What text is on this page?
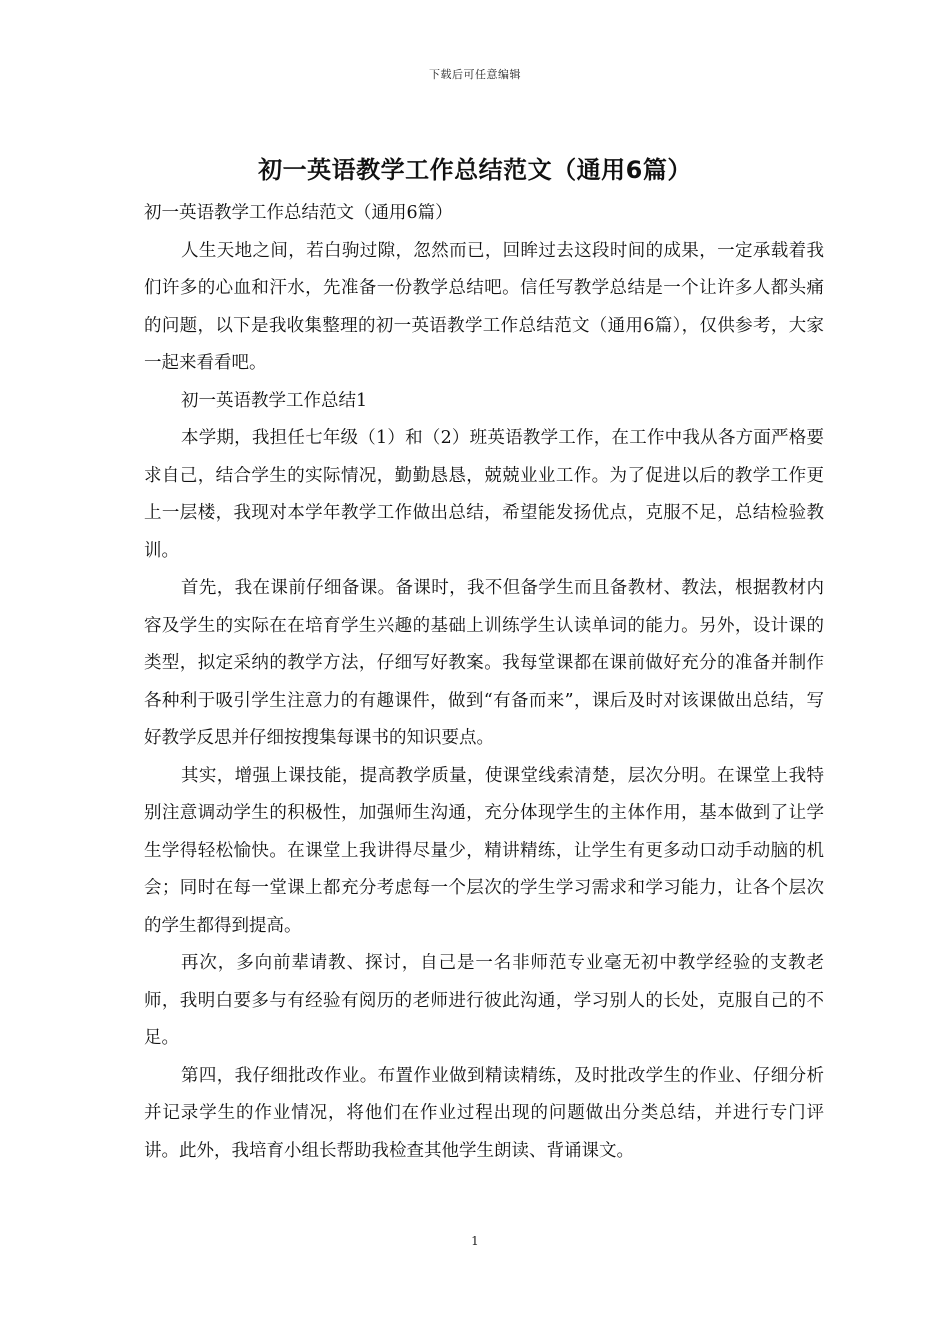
下载后可任意编辑
初一英语教学工作总结范文（通用6篇）

初一英语教学工作总结范文（通用6篇）

人生天地之间，若白驹过隙，忽然而已，回眸过去这段时间的成果，一定承载着我们许多的心血和汗水，先准备一份教学总结吧。信任写教学总结是一个让许多人都头痛的问题，以下是我收集整理的初一英语教学工作总结范文（通用6篇），仅供参考，大家一起来看看吧。

初一英语教学工作总结1

本学期，我担任七年级（1）和（2）班英语教学工作，在工作中我从各方面严格要求自己，结合学生的实际情况，勤勤恳恳，兢兢业业工作。为了促进以后的教学工作更上一层楼，我现对本学年教学工作做出总结，希望能发扬优点，克服不足，总结检验教训。

首先，我在课前仔细备课。备课时，我不但备学生而且备教材、教法，根据教材内容及学生的实际在在培育学生兴趣的基础上训练学生认读单词的能力。另外，设计课的类型，拟定采纳的教学方法，仔细写好教案。我每堂课都在课前做好充分的准备并制作各种利于吸引学生注意力的有趣课件，做到“有备而来”，课后及时对该课做出总结，写好教学反思并仔细按搜集每课书的知识要点。

其实，增强上课技能，提高教学质量，使课堂线索清楚，层次分明。在课堂上我特别注意调动学生的积极性，加强师生沟通，充分体现学生的主体作用，基本做到了让学生学得轻松愉快。在课堂上我讲得尽量少，精讲精练，让学生有更多动口动手动脑的机会；同时在每一堂课上都充分考虑每一个层次的学生学习需求和学习能力，让各个层次的学生都得到提高。

再次，多向前辈请教、探讨，自己是一名非师范专业毫无初中教学经验的支教老师，我明白要多与有经验有阅历的老师进行彼此沟通，学习别人的长处，克服自己的不足。

第四，我仔细批改作业。布置作业做到精读精练，及时批改学生的作业、仔细分析并记录学生的作业情况，将他们在作业过程出现的问题做出分类总结，并进行专门评讲。此外，我培育小组长帮助我检查其他学生朗读、背诵课文。

1
